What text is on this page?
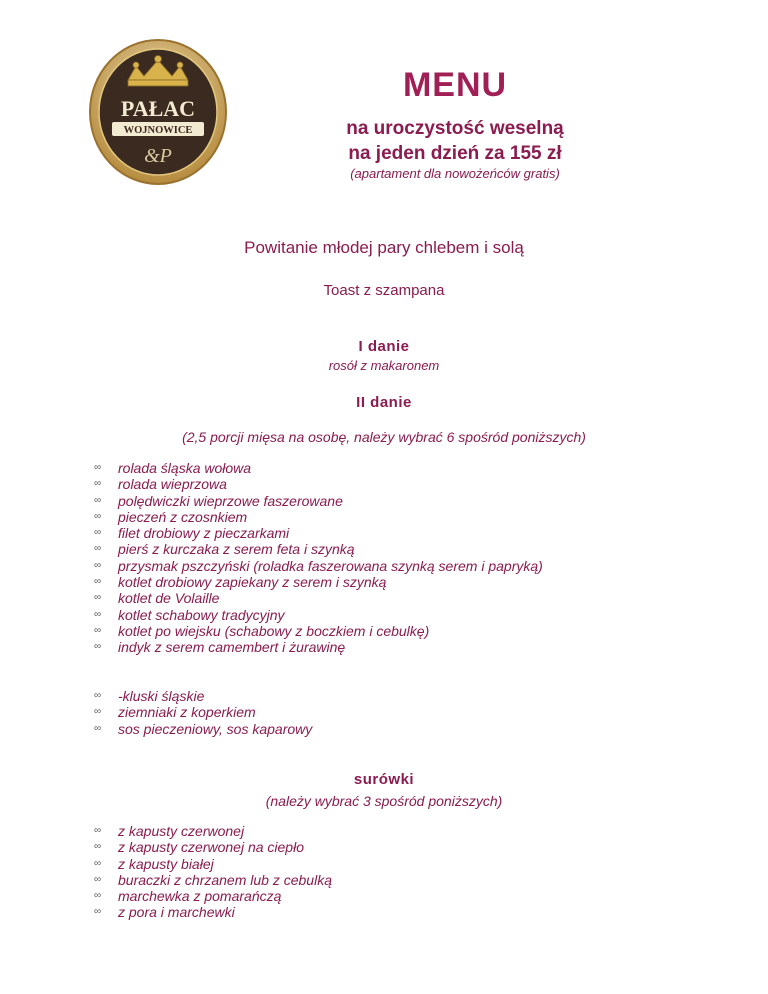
PAŁAC
WOJNOWICE
&P
MENU
na uroczystość weselną
na jeden dzień za 155 zł
(apartament dla nowożeńców gratis)
Powitanie młodej pary chlebem i solą
Toast z szampana
I danie
rosół z makaronem
II danie
(2,5 porcji mięsa na osobę, należy wybrać 6 spośród poniższych)
∞ rolada śląska wołowa
∞ rolada wieprzowa
∞ polędwiczki wieprzowe faszerowane
∞ pieczeń z czosnkiem
∞ filet drobiowy z pieczarkami
∞ pierś z kurczaka z serem feta i szynką
∞ przysmak pszczyński (roladka faszerowana szynką serem i papryką)
∞ kotlet drobiowy zapiekany z serem i szynką
∞ kotlet de Volaille
∞ kotlet schabowy tradycyjny
∞ kotlet po wiejsku (schabowy z boczkiem i cebulkę)
∞ indyk z serem camembert i żurawinę
∞ -kluski śląskie
∞ ziemniaki z koperkiem
∞ sos pieczeniowy, sos kaparowy
surówki
(należy wybrać 3 spośród poniższych)
∞ z kapusty czerwonej
∞ z kapusty czerwonej na ciepło
∞ z kapusty białej
∞ buraczki z chrzanem lub z cebulką
∞ marchewka z pomarańczą
∞ z pora i marchewki
